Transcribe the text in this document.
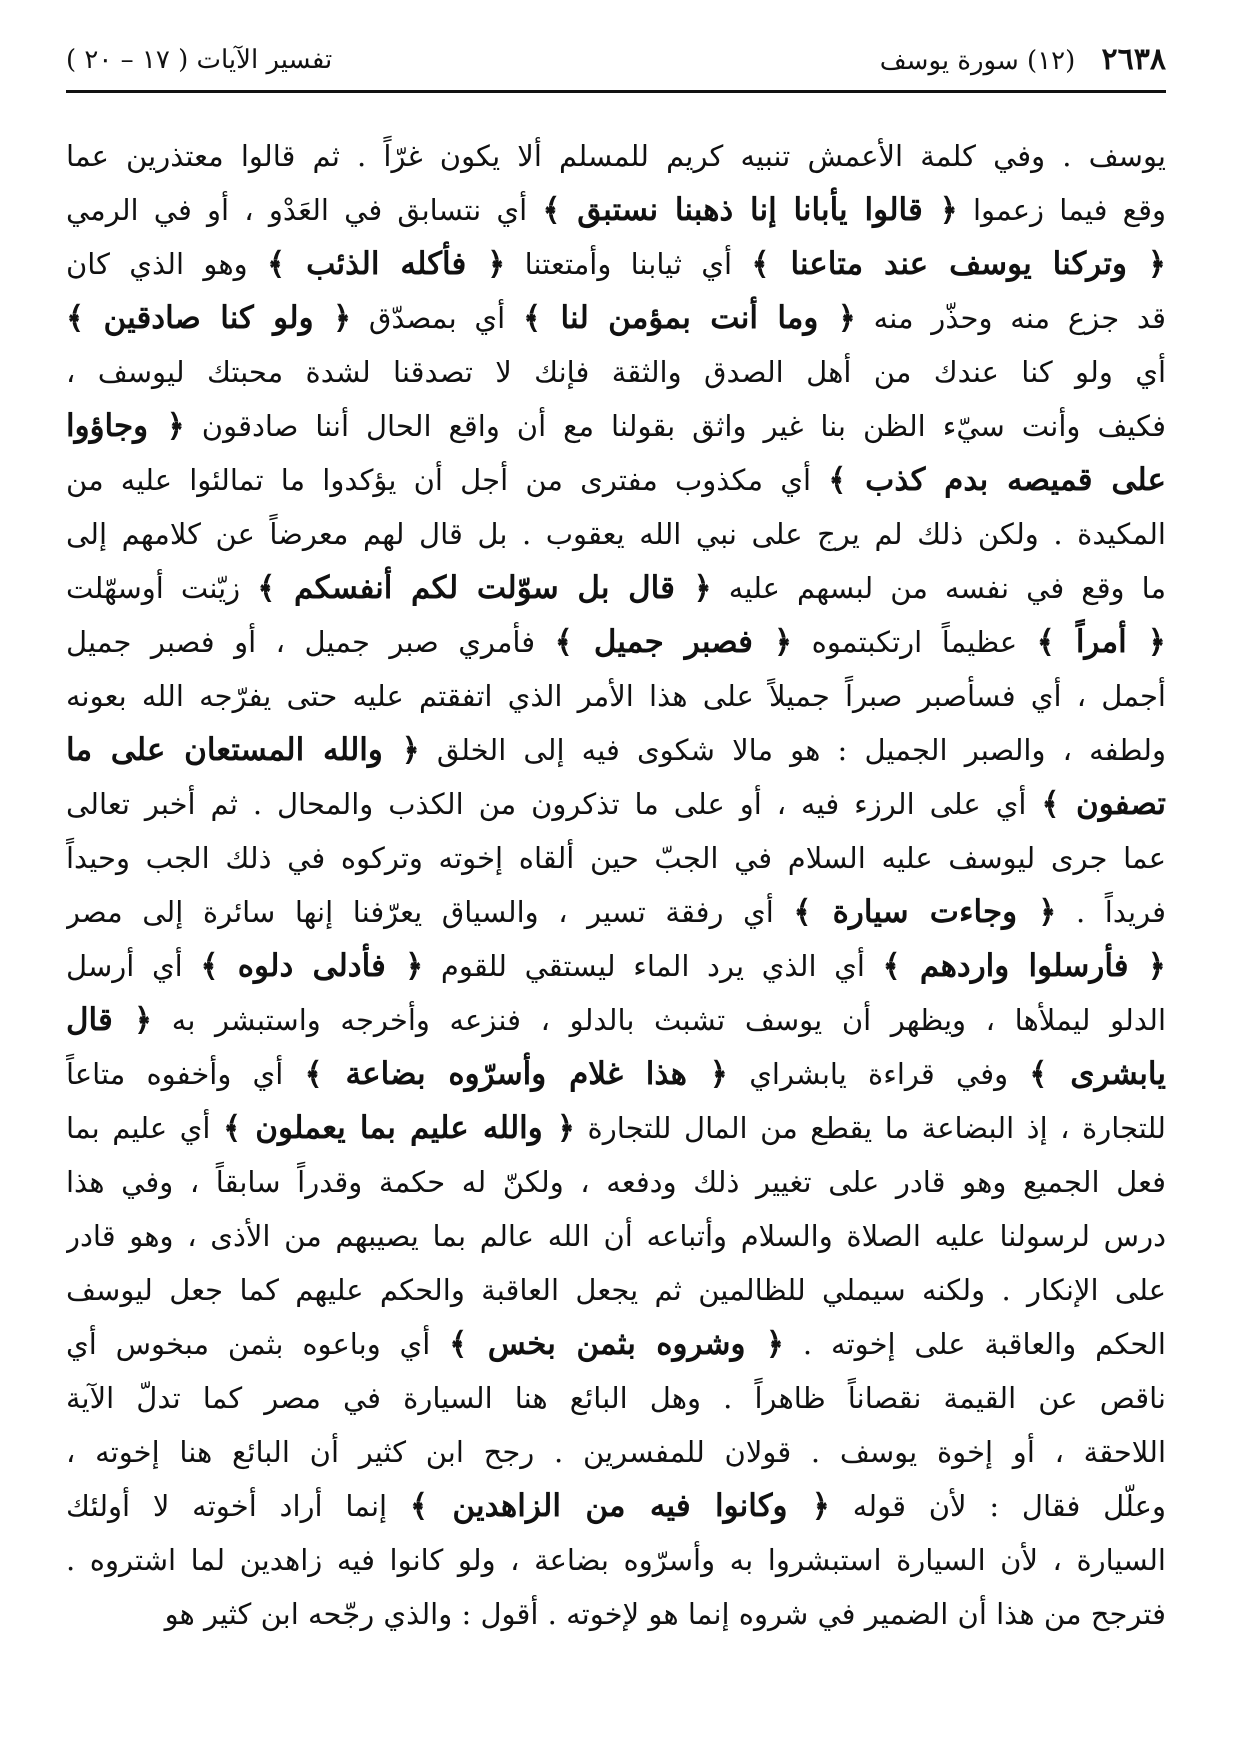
٢٦٣٨ (١٢) سورة يوسف
تفسير الآيات ( ١٧ – ٢٠ )
يوسف . وفي كلمة الأعمش تنبيه كريم للمسلم ألا يكون غرّاً . ثم قالوا معتذرين عما
وقع فيما زعموا ﴿ قالوا يأبانا إنا ذهبنا نستبق ﴾ أي نتسابق في العَدْو ، أو في الرمي
﴿ وتركنا يوسف عند متاعنا ﴾ أي ثيابنا وأمتعتنا ﴿ فأكله الذئب ﴾ وهو الذي كان
قد جزع منه وحذّر منه ﴿ وما أنت بمؤمن لنا ﴾ أي بمصدّق ﴿ ولو كنا صادقين ﴾
أي ولو كنا عندك من أهل الصدق والثقة فإنك لا تصدقنا لشدة محبتك ليوسف ،
فكيف وأنت سيّء الظن بنا غير واثق بقولنا مع أن واقع الحال أننا صادقون ﴿ وجاؤوا
على قميصه بدم كذب ﴾ أي مكذوب مفترى من أجل أن يؤكدوا ما تمالئوا عليه من
المكيدة . ولكن ذلك لم يرج على نبي الله يعقوب . بل قال لهم معرضاً عن كلامهم إلى
ما وقع في نفسه من لبسهم عليه ﴿ قال بل سوّلت لكم أنفسكم ﴾ زيّنت أوسهّلت
﴿ أمراً ﴾ عظيماً ارتكبتموه ﴿ فصبر جميل ﴾ فأمري صبر جميل ، أو فصبر جميل
أجمل ، أي فسأصبر صبراً جميلاً على هذا الأمر الذي اتفقتم عليه حتى يفرّجه الله بعونه
ولطفه ، والصبر الجميل : هو مالا شكوى فيه إلى الخلق ﴿ والله المستعان على ما
تصفون ﴾ أي على الرزء فيه ، أو على ما تذكرون من الكذب والمحال . ثم أخبر تعالى
عما جرى ليوسف عليه السلام في الجبّ حين ألقاه إخوته وتركوه في ذلك الجب وحيداً
فريداً . ﴿ وجاءت سيارة ﴾ أي رفقة تسير ، والسياق يعرّفنا إنها سائرة إلى مصر
﴿ فأرسلوا واردهم ﴾ أي الذي يرد الماء ليستقي للقوم ﴿ فأدلى دلوه ﴾ أي أرسل
الدلو ليملأها ، ويظهر أن يوسف تشبث بالدلو ، فنزعه وأخرجه واستبشر به ﴿ قال
يابشرى ﴾ وفي قراءة يابشراي ﴿ هذا غلام وأسرّوه بضاعة ﴾ أي وأخفوه متاعاً
للتجارة ، إذ البضاعة ما يقطع من المال للتجارة ﴿ والله عليم بما يعملون ﴾ أي عليم بما
فعل الجميع وهو قادر على تغيير ذلك ودفعه ، ولكنّ له حكمة وقدراً سابقاً ، وفي هذا
درس لرسولنا عليه الصلاة والسلام وأتباعه أن الله عالم بما يصيبهم من الأذى ، وهو قادر
على الإنكار . ولكنه سيملي للظالمين ثم يجعل العاقبة والحكم عليهم كما جعل ليوسف
الحكم والعاقبة على إخوته . ﴿ وشروه بثمن بخس ﴾ أي وباعوه بثمن مبخوس أي
ناقص عن القيمة نقصاناً ظاهراً . وهل البائع هنا السيارة في مصر كما تدلّ الآية
اللاحقة ، أو إخوة يوسف . قولان للمفسرين . رجح ابن كثير أن البائع هنا إخوته ،
وعلّل فقال : لأن قوله ﴿ وكانوا فيه من الزاهدين ﴾ إنما أراد أخوته لا أولئك
السيارة ، لأن السيارة استبشروا به وأسرّوه بضاعة ، ولو كانوا فيه زاهدين لما اشتروه .
فترجح من هذا أن الضمير في شروه إنما هو لإخوته . أقول : والذي رجّحه ابن كثير هو
